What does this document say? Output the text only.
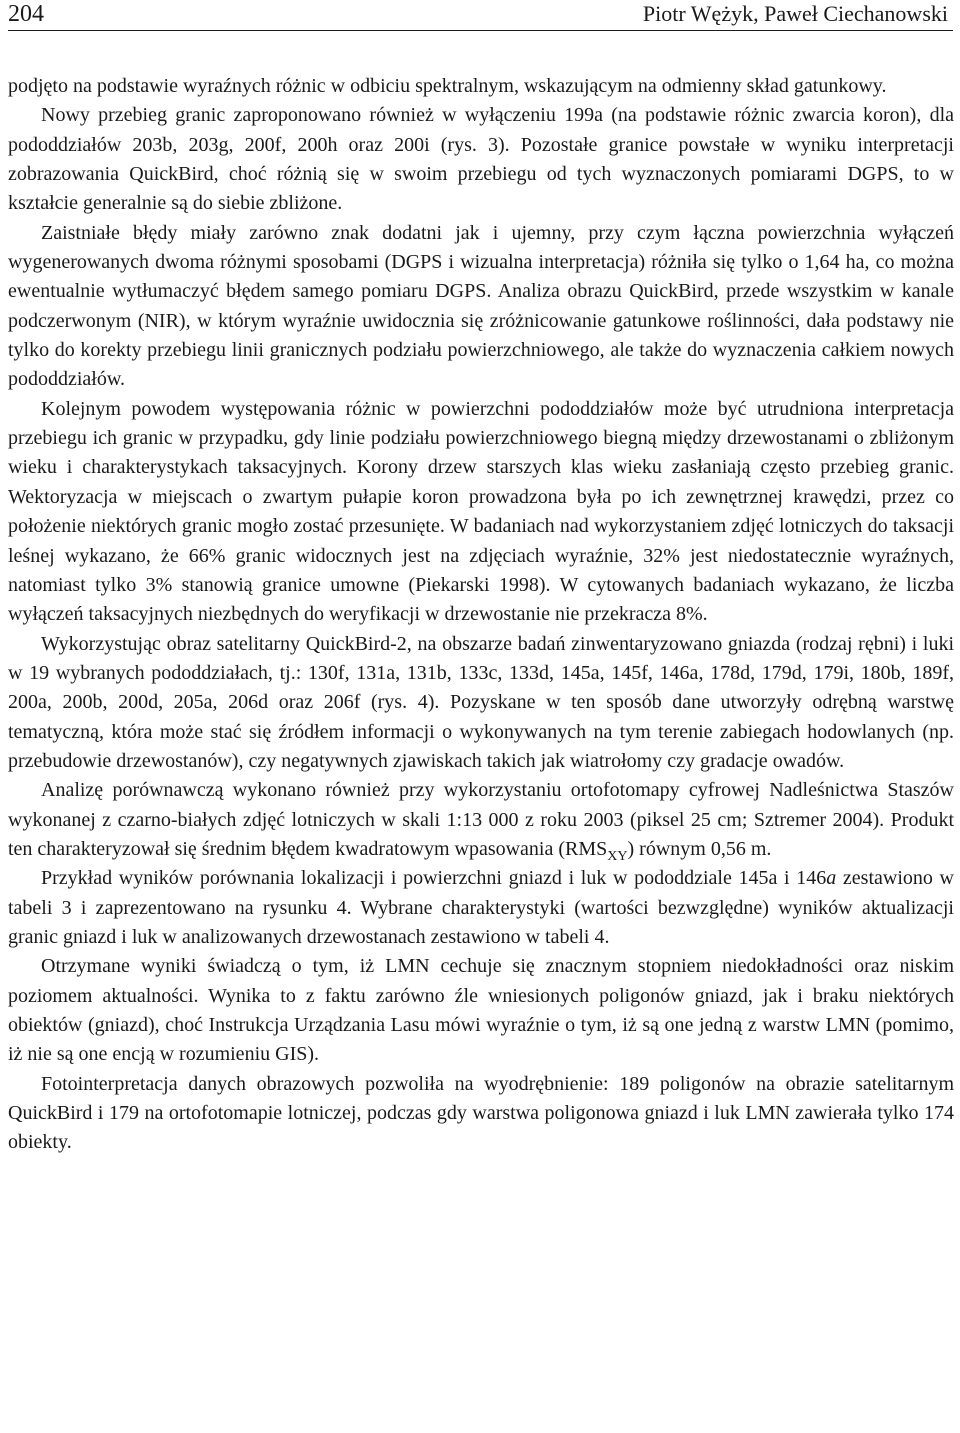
204	Piotr Wężyk, Paweł Ciechanowski

podjęto na podstawie wyraźnych różnic w odbiciu spektralnym, wskazującym na odmienny skład gatunkowy.

Nowy przebieg granic zaproponowano również w wyłączeniu 199a (na podstawie różnic zwarcia koron), dla pododdziałów 203b, 203g, 200f, 200h oraz 200i (rys. 3). Pozostałe granice powstałe w wyniku interpretacji zobrazowania QuickBird, choć różnią się w swoim przebiegu od tych wyznaczonych pomiarami DGPS, to w kształcie generalnie są do siebie zbliżone.

Zaistniałe błędy miały zarówno znak dodatni jak i ujemny, przy czym łączna powierzchnia wyłączeń wygenerowanych dwoma różnymi sposobami (DGPS i wizualna interpretacja) różniła się tylko o 1,64 ha, co można ewentualnie wytłumaczyć błędem samego pomiaru DGPS. Analiza obrazu QuickBird, przede wszystkim w kanale podczerwonym (NIR), w którym wyraźnie uwidocznia się zróżnicowanie gatunkowe roślinności, dała podstawy nie tylko do korekty przebiegu linii granicznych podziału powierzchniowego, ale także do wyznaczenia całkiem nowych pododdziałów.

Kolejnym powodem występowania różnic w powierzchni pododdziałów może być utrudniona interpretacja przebiegu ich granic w przypadku, gdy linie podziału powierzchniowego biegną między drzewostanami o zbliżonym wieku i charakterystykach taksacyjnych. Korony drzew starszych klas wieku zasłaniają często przebieg granic. Wektoryzacja w miejscach o zwartym pułapie koron prowadzona była po ich zewnętrznej krawędzi, przez co położenie niektórych granic mogło zostać przesunięte. W badaniach nad wykorzystaniem zdjęć lotniczych do taksacji leśnej wykazano, że 66% granic widocznych jest na zdjęciach wyraźnie, 32% jest niedostatecznie wyraźnych, natomiast tylko 3% stanowią granice umowne (Piekarski 1998). W cytowanych badaniach wykazano, że liczba wyłączeń taksacyjnych niezbędnych do weryfikacji w drzewostanie nie przekracza 8%.

Wykorzystując obraz satelitarny QuickBird-2, na obszarze badań zinwentaryzowano gniazda (rodzaj rębni) i luki w 19 wybranych pododdziałach, tj.: 130f, 131a, 131b, 133c, 133d, 145a, 145f, 146a, 178d, 179d, 179i, 180b, 189f, 200a, 200b, 200d, 205a, 206d oraz 206f (rys. 4). Pozyskane w ten sposób dane utworzyły odrębną warstwę tematyczną, która może stać się źródłem informacji o wykonywanych na tym terenie zabiegach hodowlanych (np. przebudowie drzewostanów), czy negatywnych zjawiskach takich jak wiatrołomy czy gradacje owadów.

Analizę porównawczą wykonano również przy wykorzystaniu ortofotomapy cyfrowej Nadleśnictwa Staszów wykonanej z czarno-białych zdjęć lotniczych w skali 1:13 000 z roku 2003 (piksel 25 cm; Sztremer 2004). Produkt ten charakteryzował się średnim błędem kwadratowym wpasowania $(RMS_{XY})$ równym 0,56 m.

Przykład wyników porównania lokalizacji i powierzchni gniazd i luk w pododdziale 145a i 146a zestawiono w tabeli 3 i zaprezentowano na rysunku 4. Wybrane charakterystyki (wartości bezwzględne) wyników aktualizacji granic gniazd i luk w analizowanych drzewostanach zestawiono w tabeli 4.

Otrzymane wyniki świadczą o tym, iż LMN cechuje się znacznym stopniem niedokładności oraz niskim poziomem aktualności. Wynika to z faktu zarówno źle wniesionych poligonów gniazd, jak i braku niektórych obiektów (gniazd), choć Instrukcja Urządzania Lasu mówi wyraźnie o tym, iż są one jedną z warstw LMN (pomimo, iż nie są one encją w rozumieniu GIS).

Fotointerpretacja danych obrazowych pozwoliła na wyodrębnienie: 189 poligonów na obrazie satelitarnym QuickBird i 179 na ortofotomapie lotniczej, podczas gdy warstwa poligonowa gniazd i luk LMN zawierała tylko 174 obiekty.
